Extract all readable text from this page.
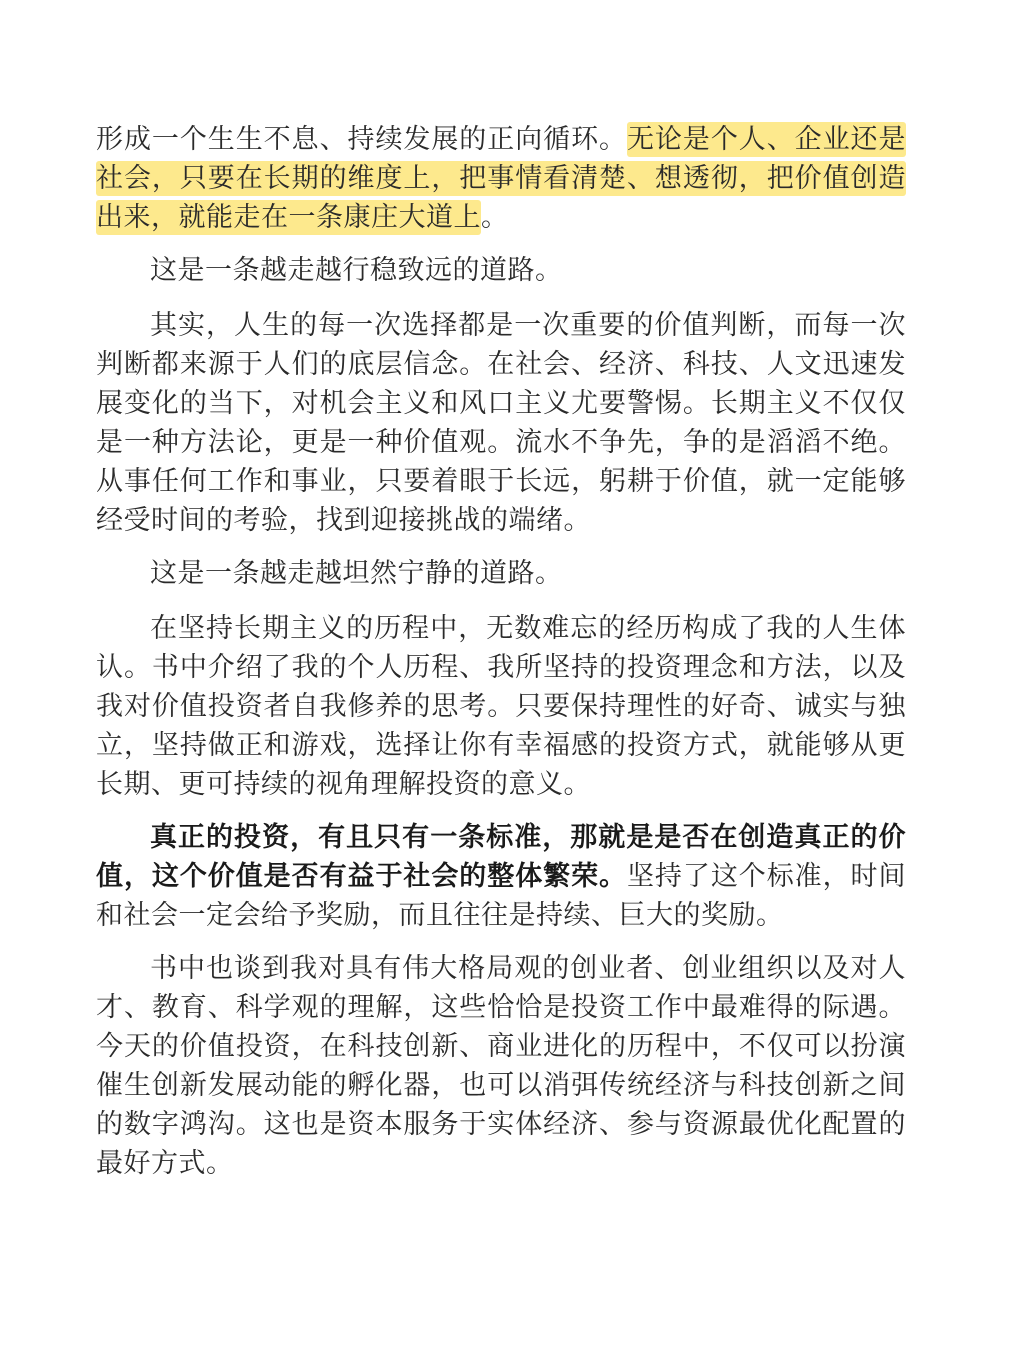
形成一个生生不息、持续发展的正向循环。无论是个人、企业还是社会，只要在长期的维度上，把事情看清楚、想透彻，把价值创造出来，就能走在一条康庄大道上。

这是一条越走越行稳致远的道路。

其实，人生的每一次选择都是一次重要的价值判断，而每一次判断都来源于人们的底层信念。在社会、经济、科技、人文迅速发展变化的当下，对机会主义和风口主义尤要警惕。长期主义不仅仅是一种方法论，更是一种价值观。流水不争先，争的是滔滔不绝。从事任何工作和事业，只要着眼于长远，躬耕于价值，就一定能够经受时间的考验，找到迎接挑战的端绪。

这是一条越走越坦然宁静的道路。

在坚持长期主义的历程中，无数难忘的经历构成了我的人生体认。书中介绍了我的个人历程、我所坚持的投资理念和方法，以及我对价值投资者自我修养的思考。只要保持理性的好奇、诚实与独立，坚持做正和游戏，选择让你有幸福感的投资方式，就能够从更长期、更可持续的视角理解投资的意义。

真正的投资，有且只有一条标准，那就是是否在创造真正的价值，这个价值是否有益于社会的整体繁荣。坚持了这个标准，时间和社会一定会给予奖励，而且往往是持续、巨大的奖励。

书中也谈到我对具有伟大格局观的创业者、创业组织以及对人才、教育、科学观的理解，这些恰恰是投资工作中最难得的际遇。今天的价值投资，在科技创新、商业进化的历程中，不仅可以扮演催生创新发展动能的孵化器，也可以消弭传统经济与科技创新之间的数字鸿沟。这也是资本服务于实体经济、参与资源最优化配置的最好方式。
